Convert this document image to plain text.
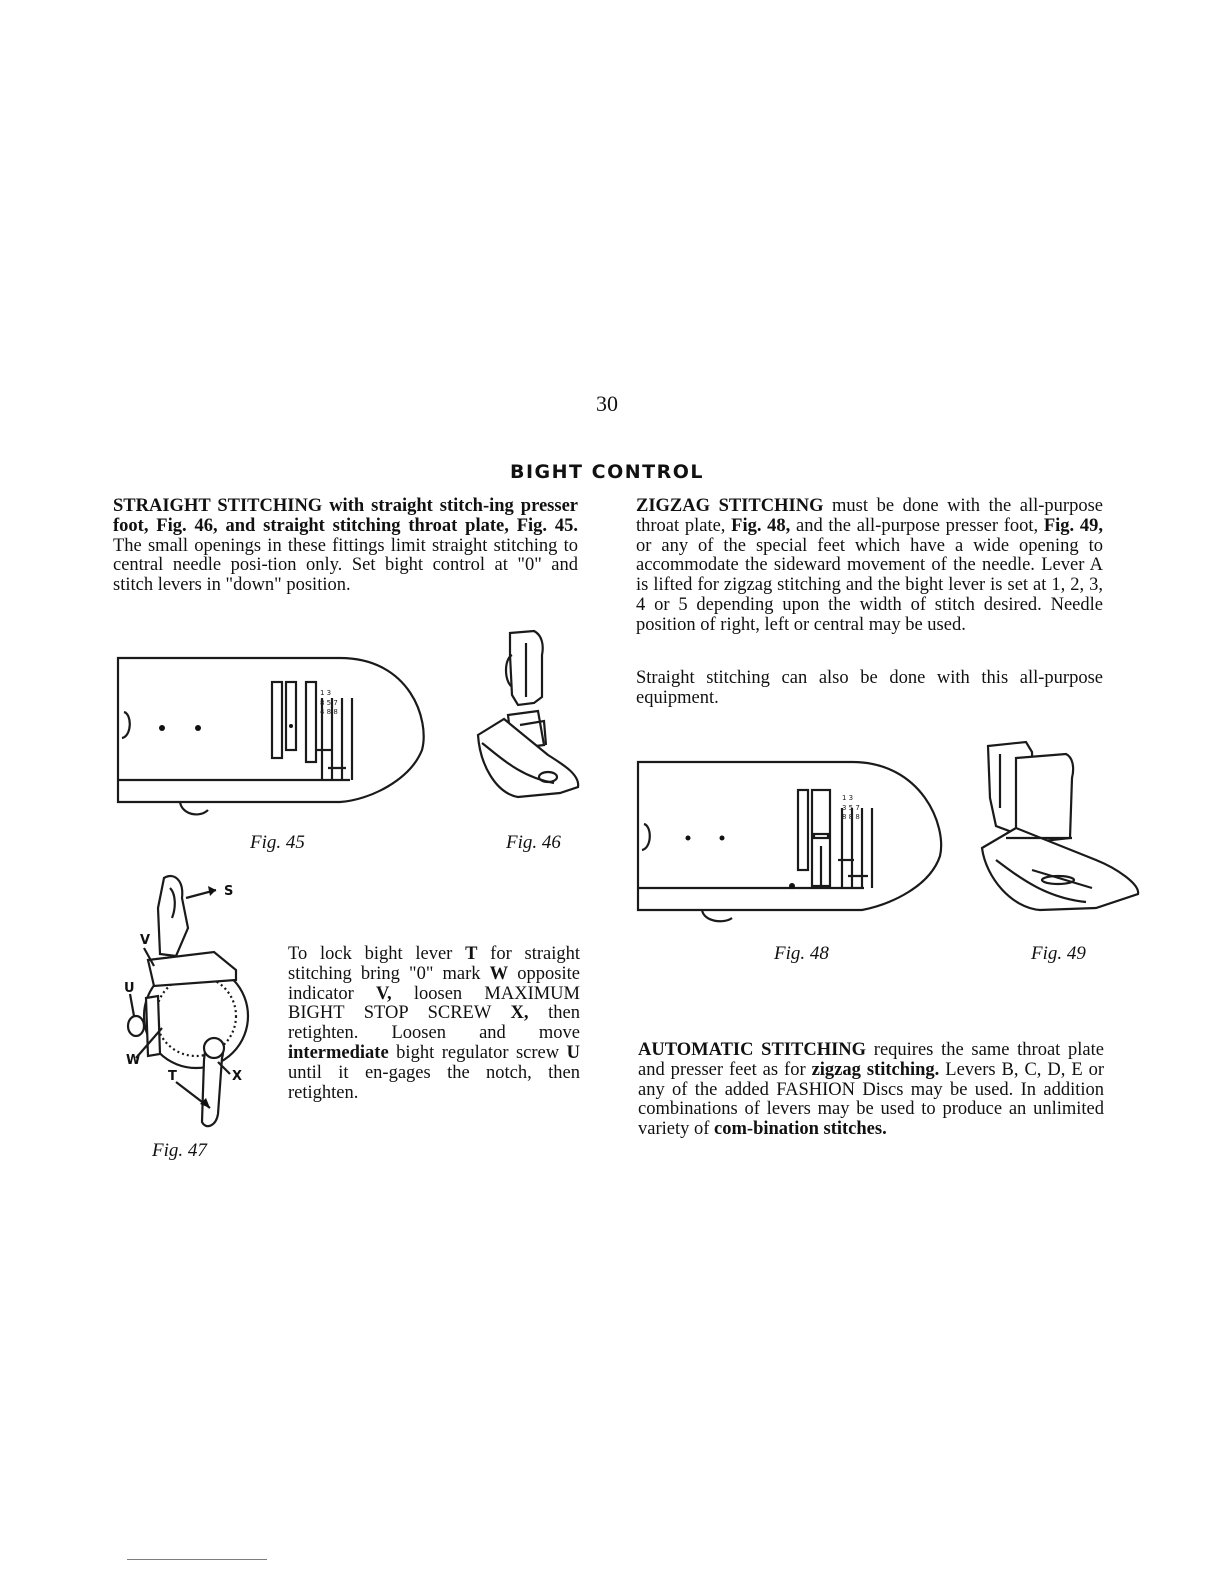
30
BIGHT CONTROL

STRAIGHT STITCHING with straight stitch-ing presser foot, Fig. 46, and straight stitching throat plate, Fig. 45. The small openings in these fittings limit straight stitching to central needle posi-tion only. Set bight control at "0" and stitch levers in "down" position.

1 3
8 5 7
4 8 8
Fig. 45	Fig. 46
S
V
U
W
T	X
Fig. 47

To lock bight lever T for straight stitching bring "0" mark W opposite indicator V, loosen MAXIMUM BIGHT STOP SCREW X, then retighten. Loosen and move intermediate bight regulator screw U until it en-gages the notch, then retighten.

ZIGZAG STITCHING must be done with the all-purpose throat plate, Fig. 48, and the all-purpose presser foot, Fig. 49, or any of the special feet which have a wide opening to accommodate the sideward movement of the needle. Lever A is lifted for zigzag stitching and the bight lever is set at 1, 2, 3, 4 or 5 depending upon the width of stitch desired. Needle position of right, left or central may be used.

Straight stitching can also be done with this all-purpose equipment.

1 3
3 5 7
8 8 8
Fig. 48	Fig. 49

AUTOMATIC STITCHING requires the same throat plate and presser feet as for zigzag stitching. Levers B, C, D, E or any of the added FASHION Discs may be used. In addition combinations of levers may be used to produce an unlimited variety of com-bination stitches.
